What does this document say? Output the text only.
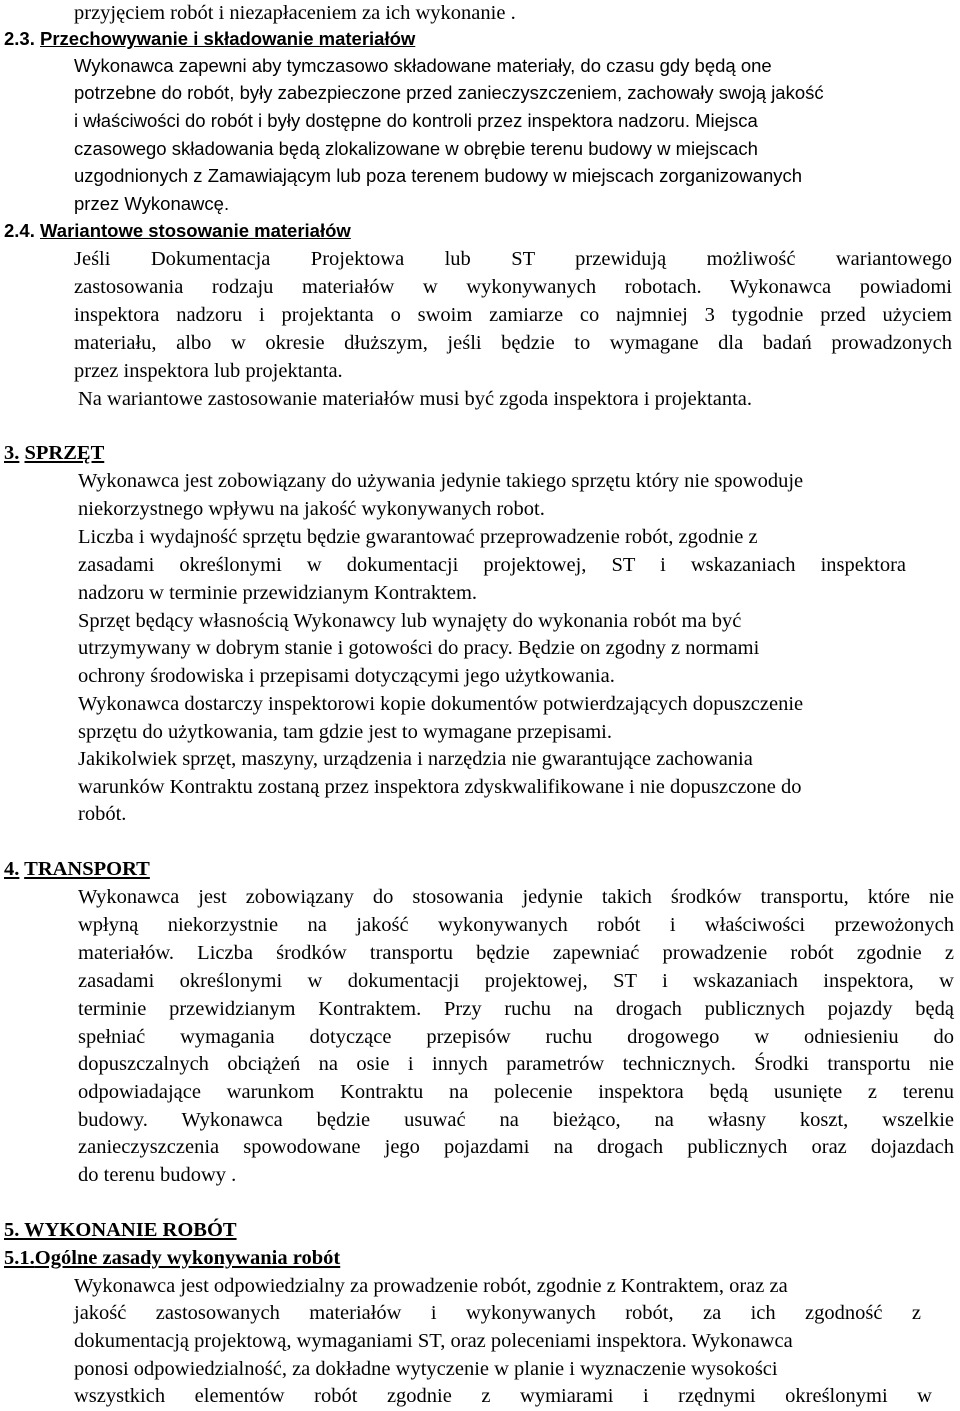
przyjęciem robót i niezapłaceniem za ich wykonanie .
2.3. Przechowywanie i składowanie materiałów
Wykonawca zapewni aby tymczasowo składowane materiały, do czasu gdy będą one
potrzebne do robót, były zabezpieczone przed zanieczyszczeniem, zachowały swoją jakość
i właściwości do robót i były dostępne do kontroli przez inspektora nadzoru. Miejsca
czasowego składowania będą zlokalizowane w obrębie terenu budowy w miejscach
uzgodnionych z Zamawiającym lub poza terenem budowy w miejscach zorganizowanych
przez Wykonawcę.
2.4. Wariantowe stosowanie materiałów
Jeśli Dokumentacja Projektowa lub ST przewidują możliwość wariantowego
zastosowania rodzaju materiałów w wykonywanych robotach. Wykonawca powiadomi
inspektora nadzoru i projektanta o swoim zamiarze co najmniej 3 tygodnie przed użyciem
materiału, albo w okresie dłuższym, jeśli będzie to wymagane dla badań prowadzonych
przez inspektora lub projektanta.
Na wariantowe zastosowanie materiałów musi być zgoda inspektora i projektanta.
3. SPRZĘT
Wykonawca jest zobowiązany do używania jedynie takiego sprzętu który nie spowoduje
niekorzystnego wpływu na jakość wykonywanych robot.
Liczba i wydajność sprzętu będzie gwarantować przeprowadzenie robót, zgodnie z
zasadami określonymi w dokumentacji projektowej, ST i wskazaniach inspektora
nadzoru w terminie przewidzianym Kontraktem.
Sprzęt będący własnością Wykonawcy lub wynajęty do wykonania robót ma być
utrzymywany w dobrym stanie i gotowości do pracy. Będzie on zgodny z normami
ochrony środowiska i przepisami dotyczącymi jego użytkowania.
Wykonawca dostarczy inspektorowi kopie dokumentów potwierdzających dopuszczenie
sprzętu do użytkowania, tam gdzie jest to wymagane przepisami.
Jakikolwiek sprzęt, maszyny, urządzenia i narzędzia nie gwarantujące zachowania
warunków Kontraktu zostaną przez inspektora zdyskwalifikowane i nie dopuszczone do
robót.
4. TRANSPORT
Wykonawca jest zobowiązany do stosowania jedynie takich środków transportu, które nie
wpłyną niekorzystnie na jakość wykonywanych robót i właściwości przewożonych
materiałów. Liczba środków transportu będzie zapewniać prowadzenie robót zgodnie z
zasadami określonymi w dokumentacji projektowej, ST i wskazaniach inspektora, w
terminie przewidzianym Kontraktem. Przy ruchu na drogach publicznych pojazdy będą
spełniać wymagania dotyczące przepisów ruchu drogowego w odniesieniu do
dopuszczalnych obciążeń na osie i innych parametrów technicznych. Środki transportu nie
odpowiadające warunkom Kontraktu na polecenie inspektora będą usunięte z terenu
budowy. Wykonawca będzie usuwać na bieżąco, na własny koszt, wszelkie
zanieczyszczenia spowodowane jego pojazdami na drogach publicznych oraz dojazdach
do terenu budowy .
5. WYKONANIE ROBÓT
5.1.Ogólne zasady wykonywania robót
Wykonawca jest odpowiedzialny za prowadzenie robót, zgodnie z Kontraktem, oraz za
jakość zastosowanych materiałów i wykonywanych robót, za ich zgodność z
dokumentacją projektową, wymaganiami ST, oraz poleceniami inspektora. Wykonawca
ponosi odpowiedzialność, za dokładne wytyczenie w planie i wyznaczenie wysokości
wszystkich elementów robót zgodnie z wymiarami i rzędnymi określonymi w
